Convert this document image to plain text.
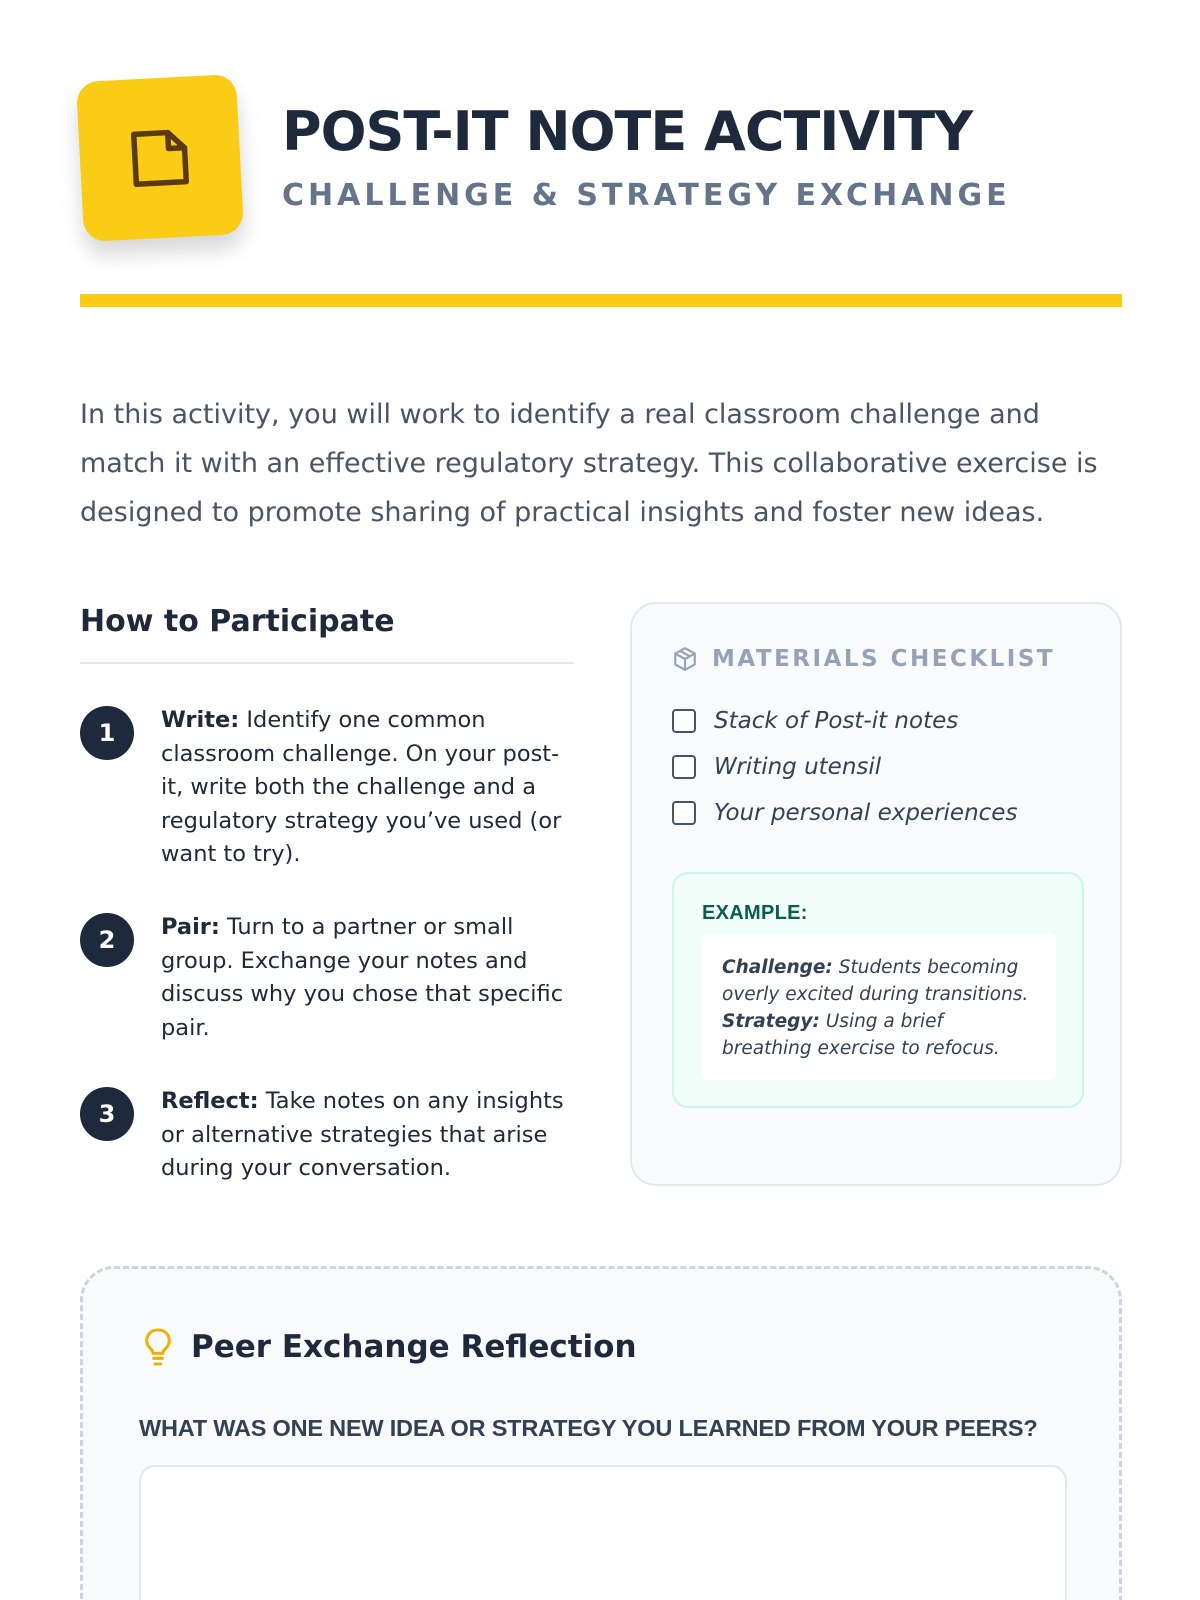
POST-IT NOTE ACTIVITY
CHALLENGE & STRATEGY EXCHANGE

In this activity, you will work to identify a real classroom challenge and match it with an effective regulatory strategy. This collaborative exercise is designed to promote sharing of practical insights and foster new ideas.

How to Participate
1	Write: Identify one common classroom challenge. On your post-it, write both the challenge and a regulatory strategy you’ve used (or want to try).
2	Pair: Turn to a partner or small group. Exchange your notes and discuss why you chose that specific pair.
3	Reflect: Take notes on any insights or alternative strategies that arise during your conversation.
MATERIALS CHECKLIST
Stack of Post-it notes
Writing utensil
Your personal experiences
EXAMPLE:
Challenge: Students becoming overly excited during transitions.
Strategy: Using a brief breathing exercise to refocus.
Peer Exchange Reflection
WHAT WAS ONE NEW IDEA OR STRATEGY YOU LEARNED FROM YOUR PEERS?
